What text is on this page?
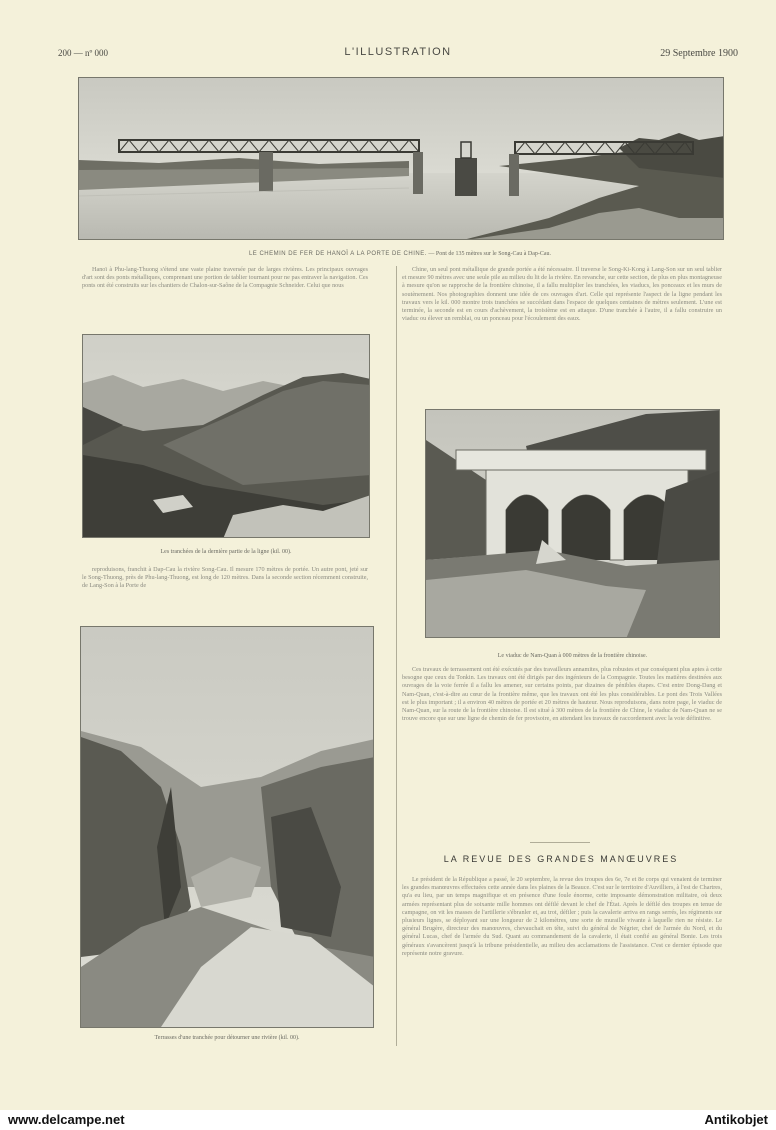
200 — nº 000	L'ILLUSTRATION	29 Septembre 1900
LE CHEMIN DE FER DE HANOÏ A LA PORTE DE CHINE. — Pont de 135 mètres sur le Song-Cau à Dap-Cau.

Hanoï à Phu-lang-Thuong s'étend une vaste plaine traversée par de larges rivières. Les principaux ouvrages d'art sont des ponts métalliques, comprenant une portion de tablier tournant pour ne pas entraver la navigation. Ces ponts ont été construits sur les chantiers de Chalon-sur-Saône de la Compagnie Schneider. Celui que nous

Les tranchées de la dernière partie de la ligne (kil. 00).

reproduisons, franchit à Dap-Cau la rivière Song-Cau. Il mesure 170 mètres de portée. Un autre pont, jeté sur le Song-Thuong, près de Phu-lang-Thuong, est long de 120 mètres. Dans la seconde section récemment construite, de Lang-Son à la Porte de

Terrasses d'une tranchée pour détourner une rivière (kil. 00).

Chine, un seul pont métallique de grande portée a été nécessaire. Il traverse le Song-Ki-Kong à Lang-Son sur un seul tablier et mesure 90 mètres avec une seule pile au milieu du lit de la rivière. En revanche, sur cette section, de plus en plus montagneuse à mesure qu'on se rapproche de la frontière chinoise, il a fallu multiplier les tranchées, les viaducs, les ponceaux et les murs de soutènement. Nos photographies donnent une idée de ces ouvrages d'art. Celle qui représente l'aspect de la ligne pendant les travaux vers le kil. 000 montre trois tranchées se succédant dans l'espace de quelques centaines de mètres seulement. L'une est terminée, la seconde est en cours d'achèvement, la troisième est en attaque. D'une tranchée à l'autre, il a fallu construire un viaduc ou élever un remblai, ou un ponceau pour l'écoulement des eaux.

Le viaduc de Nam-Quan à 000 mètres de la frontière chinoise.

Ces travaux de terrassement ont été exécutés par des travailleurs annamites, plus robustes et par conséquent plus aptes à cette besogne que ceux du Tonkin. Les travaux ont été dirigés par des ingénieurs de la Compagnie. Toutes les matières destinées aux ouvrages de la voie ferrée il a fallu les amener, sur certains points, par dizaines de pénibles étapes. C'est entre Dong-Dang et Nam-Quan, c'est-à-dire au cœur de la frontière même, que les travaux ont été les plus considérables. Le pont des Trois Vallées est le plus important ; il a environ 40 mètres de portée et 20 mètres de hauteur. Nous reproduisons, dans notre page, le viaduc de Nam-Quan, sur la route de la frontière chinoise. Il est situé à 300 mètres de la frontière de Chine, le viaduc de Nam-Quan ne se trouve encore que sur une ligne de chemin de fer provisoire, en attendant les travaux de raccordement avec la voie définitive.

LA REVUE DES GRANDES MANŒUVRES

Le président de la République a passé, le 20 septembre, la revue des troupes des 6e, 7e et 8e corps qui venaient de terminer les grandes manœuvres effectuées cette année dans les plaines de la Beauce. C'est sur le territoire d'Auvilliers, à l'est de Chartres, qu'a eu lieu, par un temps magnifique et en présence d'une foule énorme, cette imposante démonstration militaire, où deux armées représentant plus de soixante mille hommes ont défilé devant le chef de l'État. Après le défilé des troupes en tenue de campagne, on vit les masses de l'artillerie s'ébranler et, au trot, défiler ; puis la cavalerie arriva en rangs serrés, les régiments sur plusieurs lignes, se déployant sur une longueur de 2 kilomètres, une sorte de muraille vivante à laquelle rien ne résiste. Le général Brugère, directeur des manœuvres, chevauchait en tête, suivi du général de Négrier, chef de l'armée du Nord, et du général Lucas, chef de l'armée du Sud. Quant au commandement de la cavalerie, il était confié au général Bonie. Les trois généraux s'avancèrent jusqu'à la tribune présidentielle, au milieu des acclamations de l'assistance. C'est ce dernier épisode que représente notre gravure.

www.delcampe.net	Antikobjet
